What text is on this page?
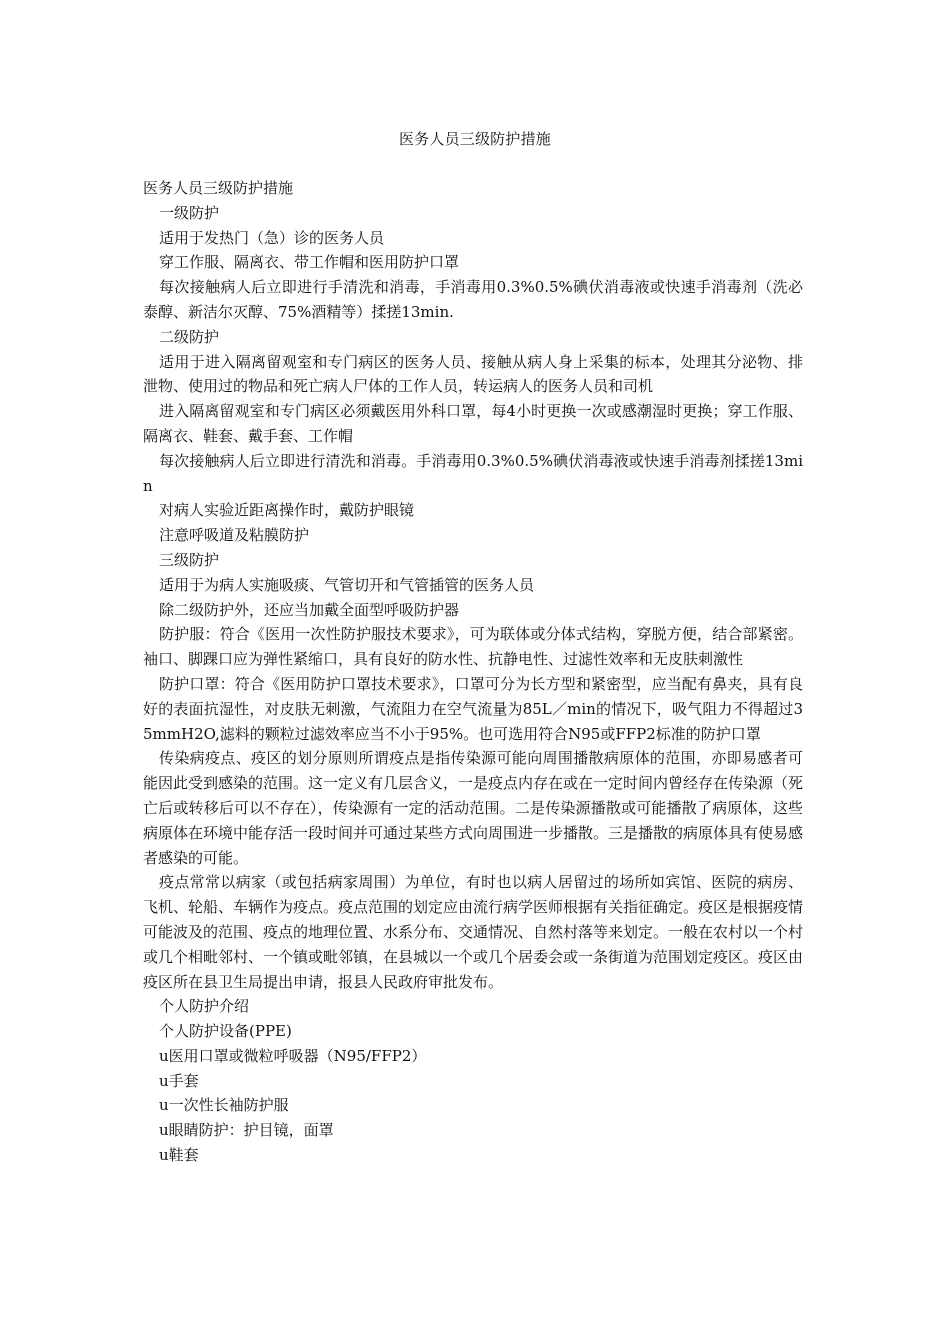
医务人员三级防护措施

医务人员三级防护措施

一级防护

适用于发热门（急）诊的医务人员

穿工作服、隔离衣、带工作帽和医用防护口罩

每次接触病人后立即进行手清洗和消毒，手消毒用0.3%0.5%碘伏消毒液或快速手消毒剂（洗必泰醇、新洁尔灭醇、75%酒精等）揉搓13min.

二级防护

适用于进入隔离留观室和专门病区的医务人员、接触从病人身上采集的标本，处理其分泌物、排泄物、使用过的物品和死亡病人尸体的工作人员，转运病人的医务人员和司机

进入隔离留观室和专门病区必须戴医用外科口罩，每4小时更换一次或感潮湿时更换；穿工作服、隔离衣、鞋套、戴手套、工作帽

每次接触病人后立即进行清洗和消毒。手消毒用0.3%0.5%碘伏消毒液或快速手消毒剂揉搓13min

对病人实验近距离操作时，戴防护眼镜

注意呼吸道及粘膜防护

三级防护

适用于为病人实施吸痰、气管切开和气管插管的医务人员

除二级防护外，还应当加戴全面型呼吸防护器

防护服：符合《医用一次性防护服技术要求》，可为联体或分体式结构，穿脱方便，结合部紧密。袖口、脚踝口应为弹性紧缩口，具有良好的防水性、抗静电性、过滤性效率和无皮肤刺激性

防护口罩：符合《医用防护口罩技术要求》，口罩可分为长方型和紧密型，应当配有鼻夹，具有良好的表面抗湿性，对皮肤无刺激，气流阻力在空气流量为85L／min的情况下，吸气阻力不得超过35mmH2O,滤料的颗粒过滤效率应当不小于95%。也可选用符合N95或FFP2标准的防护口罩

传染病疫点、疫区的划分原则所谓疫点是指传染源可能向周围播散病原体的范围，亦即易感者可能因此受到感染的范围。这一定义有几层含义，一是疫点内存在或在一定时间内曾经存在传染源（死亡后或转移后可以不存在），传染源有一定的活动范围。二是传染源播散或可能播散了病原体，这些病原体在环境中能存活一段时间并可通过某些方式向周围进一步播散。三是播散的病原体具有使易感者感染的可能。

疫点常常以病家（或包括病家周围）为单位，有时也以病人居留过的场所如宾馆、医院的病房、飞机、轮船、车辆作为疫点。疫点范围的划定应由流行病学医师根据有关指征确定。疫区是根据疫情可能波及的范围、疫点的地理位置、水系分布、交通情况、自然村落等来划定。一般在农村以一个村或几个相毗邻村、一个镇或毗邻镇，在县城以一个或几个居委会或一条街道为范围划定疫区。疫区由疫区所在县卫生局提出申请，报县人民政府审批发布。

个人防护介绍

个人防护设备(PPE)

u医用口罩或微粒呼吸器（N95/FFP2）

u手套

u一次性长袖防护服

u眼睛防护：护目镜，面罩

u鞋套
